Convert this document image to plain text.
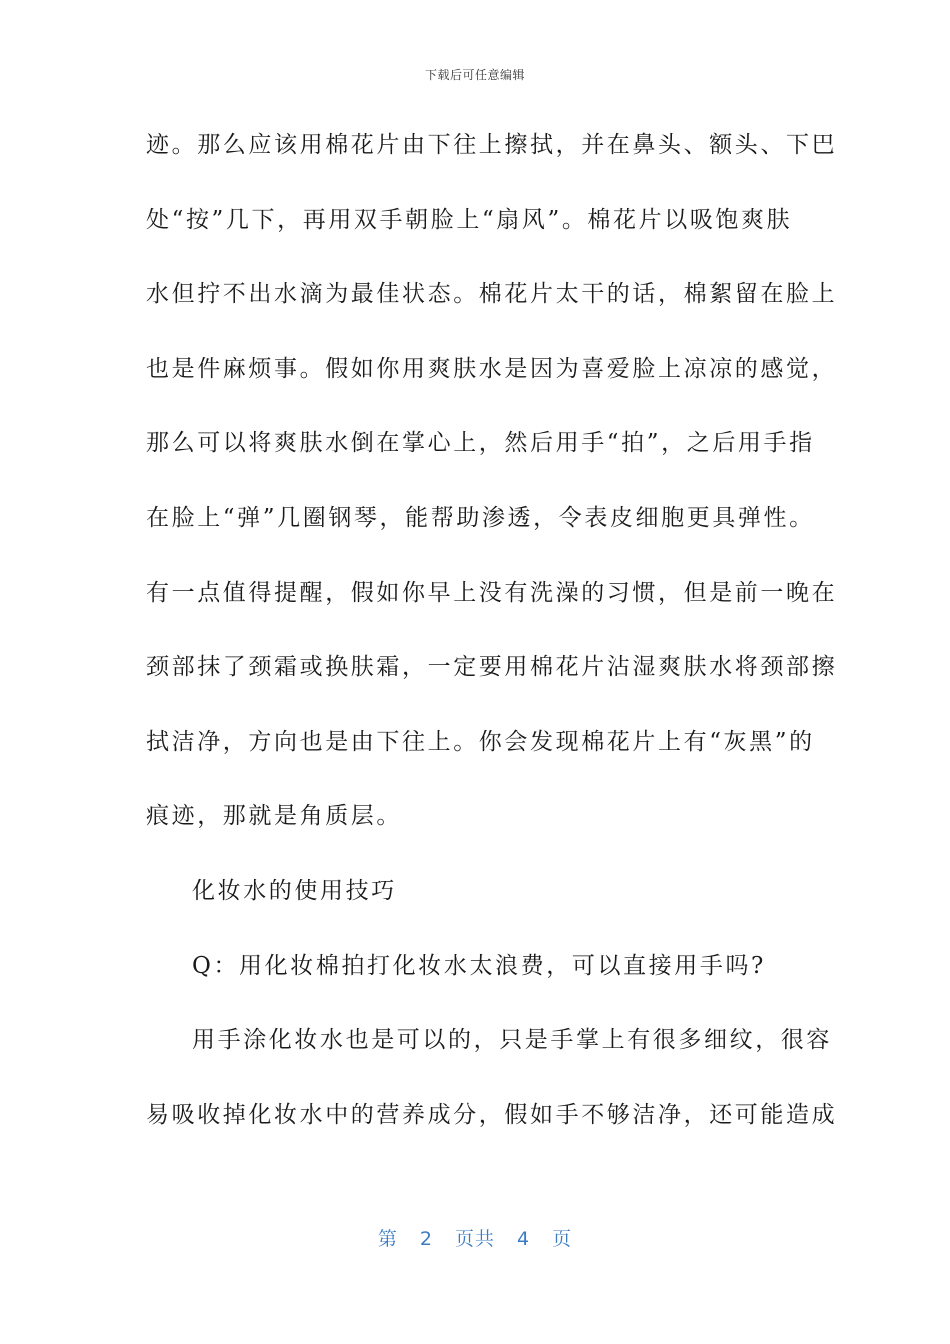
下载后可任意编辑
迹。那么应该用棉花片由下往上擦拭，并在鼻头、额头、下巴
处“按”几下，再用双手朝脸上“扇风”。棉花片以吸饱爽肤
水但拧不出水滴为最佳状态。棉花片太干的话，棉絮留在脸上
也是件麻烦事。假如你用爽肤水是因为喜爱脸上凉凉的感觉，
那么可以将爽肤水倒在掌心上，然后用手“拍”，之后用手指
在脸上“弹”几圈钢琴，能帮助渗透，令表皮细胞更具弹性。
有一点值得提醒，假如你早上没有洗澡的习惯，但是前一晚在
颈部抹了颈霜或换肤霜，一定要用棉花片沾湿爽肤水将颈部擦
拭洁净，方向也是由下往上。你会发现棉花片上有“灰黑”的
痕迹，那就是角质层。
化妆水的使用技巧
Q：用化妆棉拍打化妆水太浪费，可以直接用手吗?
用手涂化妆水也是可以的，只是手掌上有很多细纹，很容
易吸收掉化妆水中的营养成分，假如手不够洁净，还可能造成
第 2 页共 4 页
